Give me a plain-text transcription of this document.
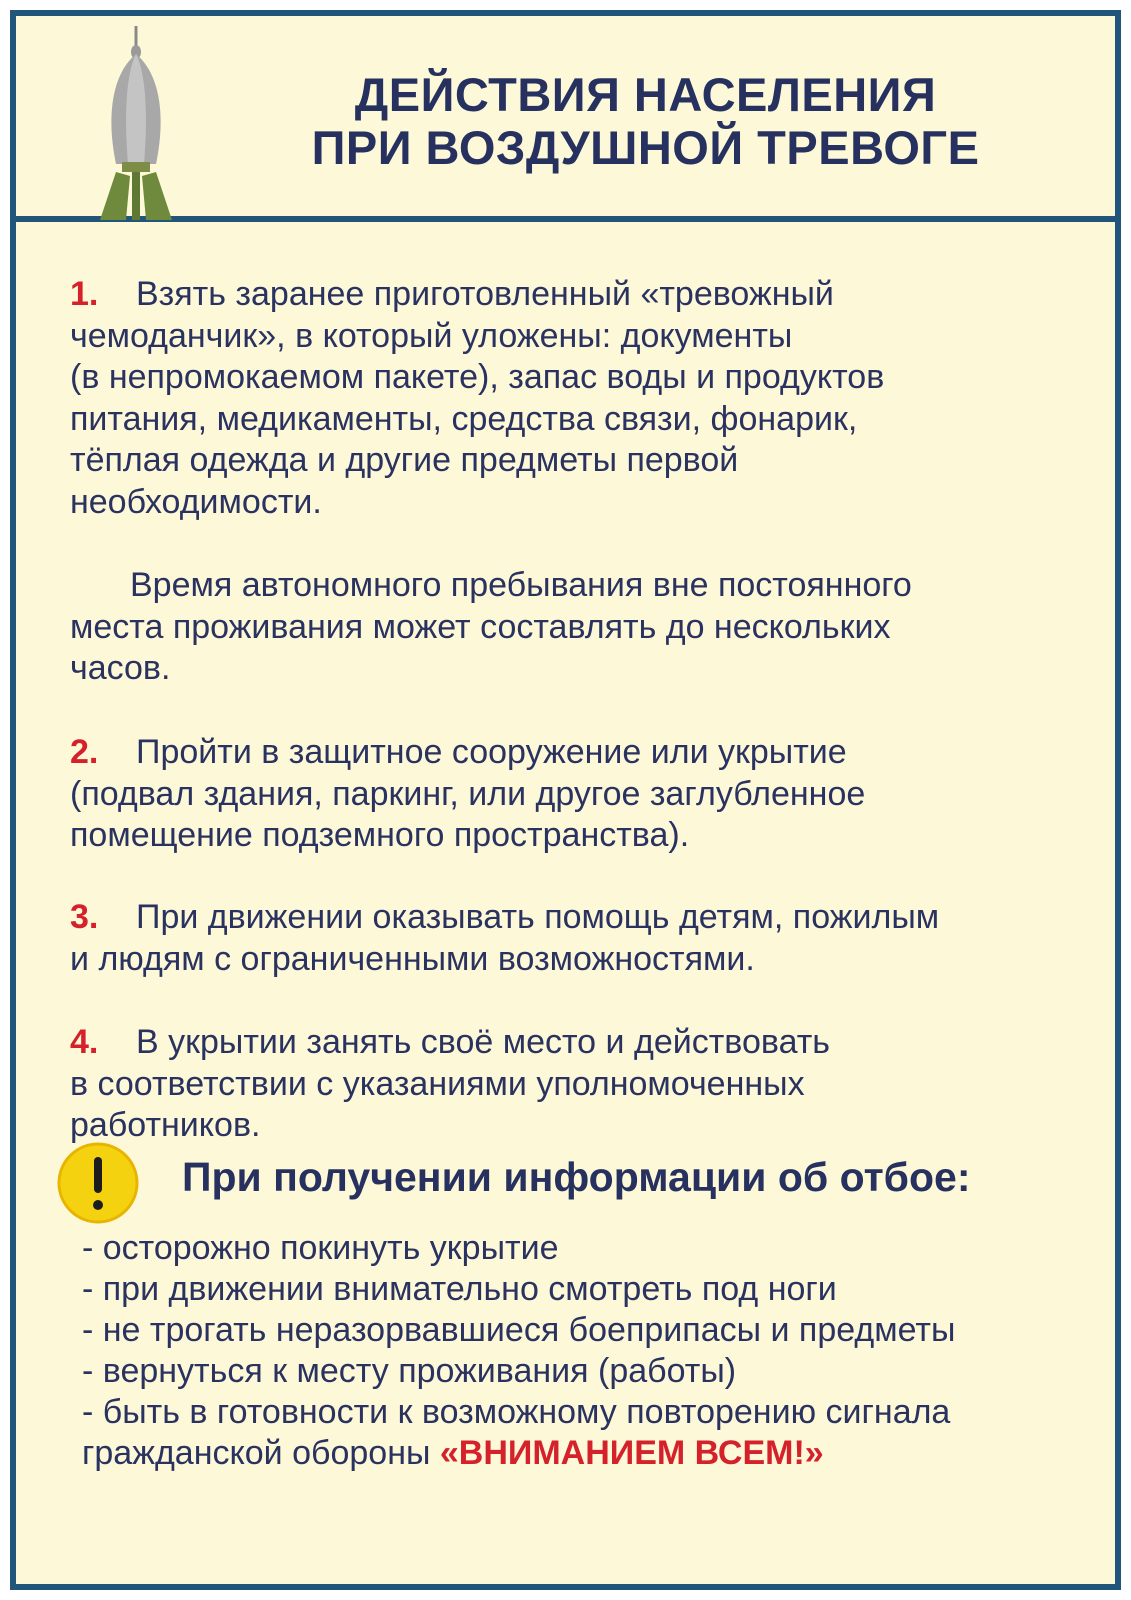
ДЕЙСТВИЯ НАСЕЛЕНИЯ
ПРИ ВОЗДУШНОЙ ТРЕВОГЕ

1. Взять заранее приготовленный «тревожный
чемоданчик», в который уложены: документы
(в непромокаемом пакете), запас воды и продуктов
питания, медикаменты, средства связи, фонарик,
тёплая одежда и другие предметы первой
необходимости.

Время автономного пребывания вне постоянного
места проживания может составлять до нескольких
часов.

2. Пройти в защитное сооружение или укрытие
(подвал здания, паркинг, или другое заглубленное
помещение подземного пространства).

3. При движении оказывать помощь детям, пожилым
и людям с ограниченными возможностями.

4. В укрытии занять своё место и действовать
в соответствии с указаниями уполномоченных
работников.

При получении информации об отбое:
- осторожно покинуть укрытие
- при движении внимательно смотреть под ноги
- не трогать неразорвавшиеся боеприпасы и предметы
- вернуться к месту проживания (работы)
- быть в готовности к возможному повторению сигнала
гражданской обороны «ВНИМАНИЕМ ВСЕМ!»
